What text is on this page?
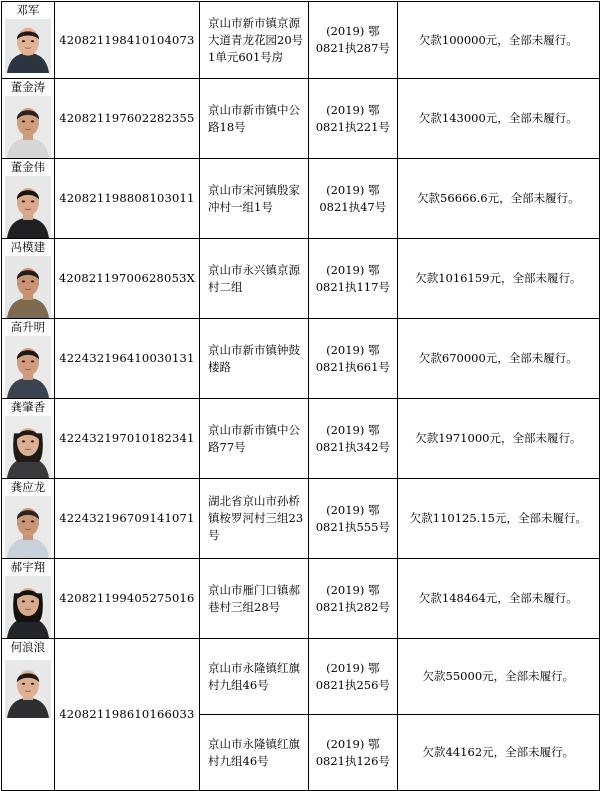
邓军	420821198410104073	京山市新市镇京源大道青龙花园20号1单元601号房	(2019) 鄂0821执287号	欠款100000元，全部未履行。

董金涛	420821197602282355	京山市新市镇中公路18号	(2019) 鄂0821执221号	欠款143000元，全部未履行。

董金伟	420821198808103011	京山市宋河镇殷家冲村一组1号	(2019) 鄂0821执47号	欠款56666.6元，全部未履行。

冯模建	42082119700628053X	京山市永兴镇京源村二组	(2019) 鄂0821执117号	欠款1016159元，全部未履行。

高升明	422432196410030131	京山市新市镇钟鼓楼路	(2019) 鄂0821执661号	欠款670000元，全部未履行。

龚肇香	422432197010182341	京山市新市镇中公路77号	(2019) 鄂0821执342号	欠款1971000元，全部未履行。

龚应龙	422432196709141071	湖北省京山市孙桥镇桉罗河村三组23号	(2019) 鄂0821执555号	欠款110125.15元，全部未履行。

郝宇翔	420821199405275016	京山市雁门口镇郝巷村三组28号	(2019) 鄂0821执282号	欠款148464元，全部未履行。

何浪浪	420821198610166033	京山市永隆镇红旗村九组46号	(2019) 鄂0821执256号	欠款55000元，全部未履行。
		京山市永隆镇红旗村九组46号	(2019) 鄂0821执126号	欠款44162元，全部未履行。
